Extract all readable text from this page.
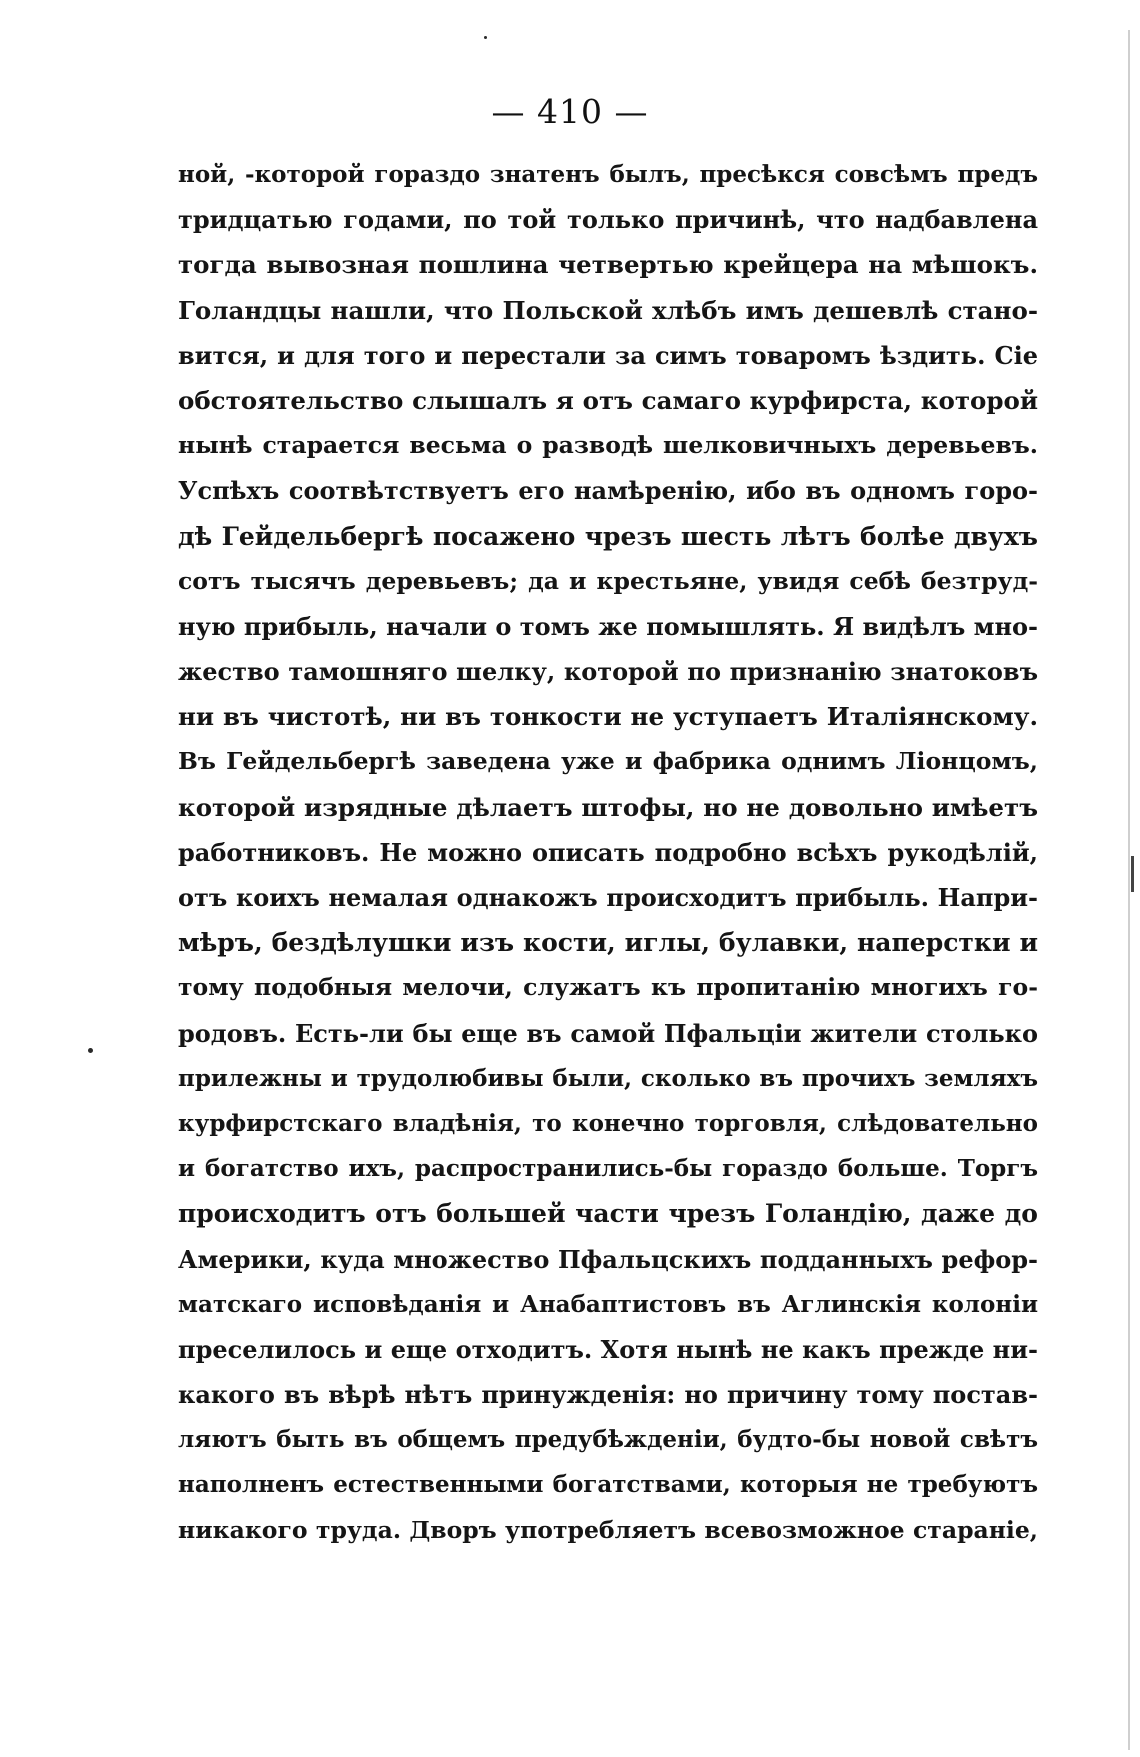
— 410 —
ной, -которой гораздо знатенъ былъ, пресѣкся совсѣмъ предъ
тридцатью годами, по той только причинѣ, что надбавлена
тогда вывозная пошлина четвертью крейцера на мѣшокъ.
Голандцы нашли, что Польской хлѣбъ имъ дешевлѣ стано-
вится, и для того и перестали за симъ товаромъ ѣздить. Сіе
обстоятельство слышалъ я отъ самаго курфирста, которой
нынѣ старается весьма о разводѣ шелковичныхъ деревьевъ.
Успѣхъ соотвѣтствуетъ его намѣренію, ибо въ одномъ горо-
дѣ Гейдельбергѣ посажено чрезъ шесть лѣтъ болѣе двухъ
сотъ тысячъ деревьевъ; да и крестьяне, увидя себѣ безтруд-
ную прибыль, начали о томъ же помышлять. Я видѣлъ мно-
жество тамошняго шелку, которой по признанію знатоковъ
ни въ чистотѣ, ни въ тонкости не уступаетъ Италіянскому.
Въ Гейдельбергѣ заведена уже и фабрика однимъ Ліонцомъ,
которой изрядные дѣлаетъ штофы, но не довольно имѣетъ
работниковъ. Не можно описать подробно всѣхъ рукодѣлій,
отъ коихъ немалая однакожъ происходитъ прибыль. Напри-
мѣръ, бездѣлушки изъ кости, иглы, булавки, наперстки и
тому подобныя мелочи, служатъ къ пропитанію многихъ го-
родовъ. Есть-ли бы еще въ самой Пфальціи жители столько
прилежны и трудолюбивы были, сколько въ прочихъ земляхъ
курфирстскаго владѣнія, то конечно торговля, слѣдовательно
и богатство ихъ, распространились-бы гораздо больше. Торгъ
происходитъ отъ большей части чрезъ Голандію, даже до
Америки, куда множество Пфальцскихъ подданныхъ рефор-
матскаго исповѣданія и Анабаптистовъ въ Аглинскія колоніи
преселилось и еще отходитъ. Хотя нынѣ не какъ прежде ни-
какого въ вѣрѣ нѣтъ принужденія: но причину тому постав-
ляютъ быть въ общемъ предубѣжденіи, будто-бы новой свѣтъ
наполненъ естественными богатствами, которыя не требуютъ
никакого труда. Дворъ употребляетъ всевозможное стараніе,
